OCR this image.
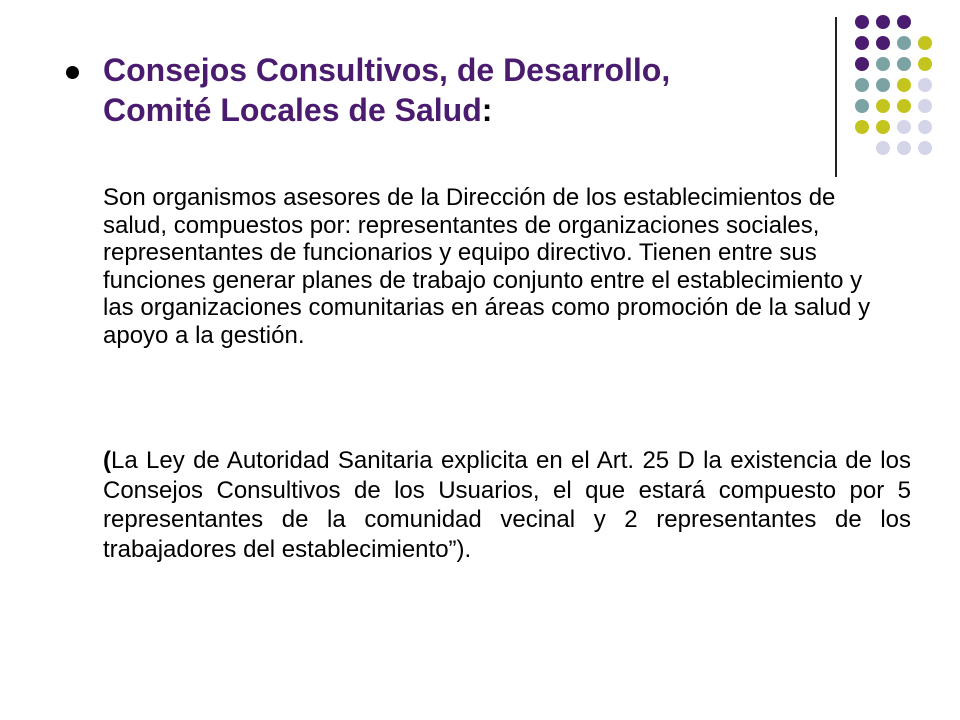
Consejos Consultivos, de Desarrollo,
Comité Locales de Salud:

Son organismos asesores de la Dirección de los establecimientos de salud, compuestos por: representantes de organizaciones sociales, representantes de funcionarios y equipo directivo. Tienen entre sus funciones generar planes de trabajo conjunto entre el establecimiento y las organizaciones comunitarias en áreas como promoción de la salud y apoyo a la gestión.

(La Ley de Autoridad Sanitaria explicita en el Art. 25 D la existencia de los Consejos Consultivos de los Usuarios, el que estará compuesto por 5 representantes de la comunidad vecinal y 2 representantes de los trabajadores del establecimiento”).
